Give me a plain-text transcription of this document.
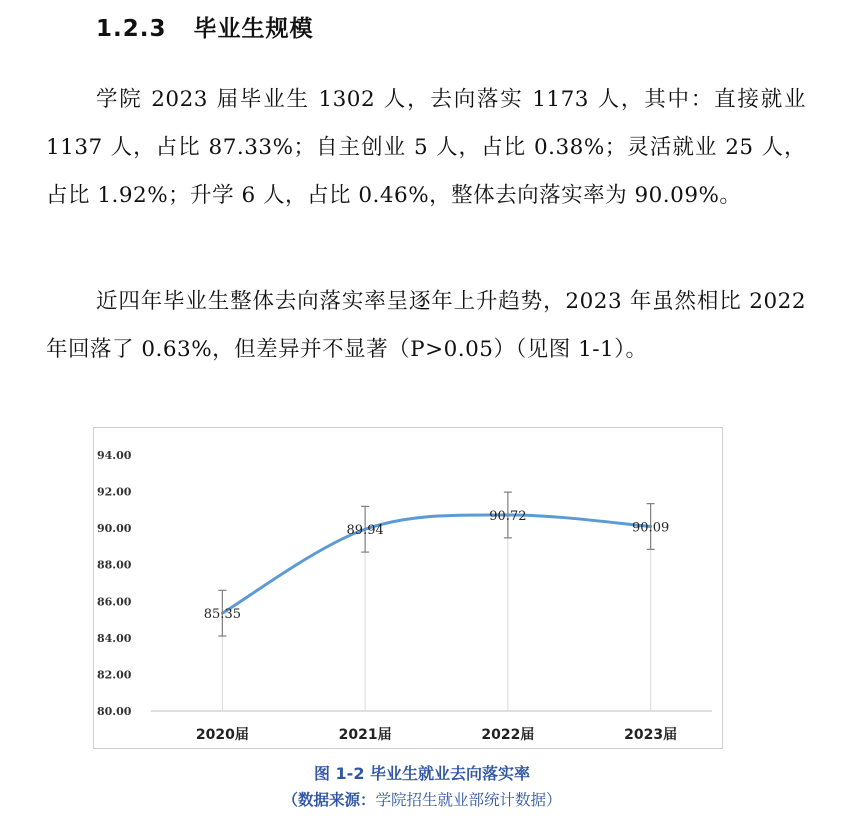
1.2.3 毕业生规模
学院 2023 届毕业生 1302 人，去向落实 1173 人，其中：直接就业 1137 人，占比 87.33%；自主创业 5 人，占比 0.38%；灵活就业 25 人，占比 1.92%；升学 6 人，占比 0.46%，整体去向落实率为 90.09%。
近四年毕业生整体去向落实率呈逐年上升趋势，2023 年虽然相比 2022 年回落了 0.63%，但差异并不显著（P>0.05）（见图 1-1）。
80.00
82.00
84.00
86.00
88.00
90.00
92.00
94.00
85.35
89.94
90.72
90.09
2020届	2021届	2022届	2023届
图 1-2 毕业生就业去向落实率
（数据来源：学院招生就业部统计数据）
